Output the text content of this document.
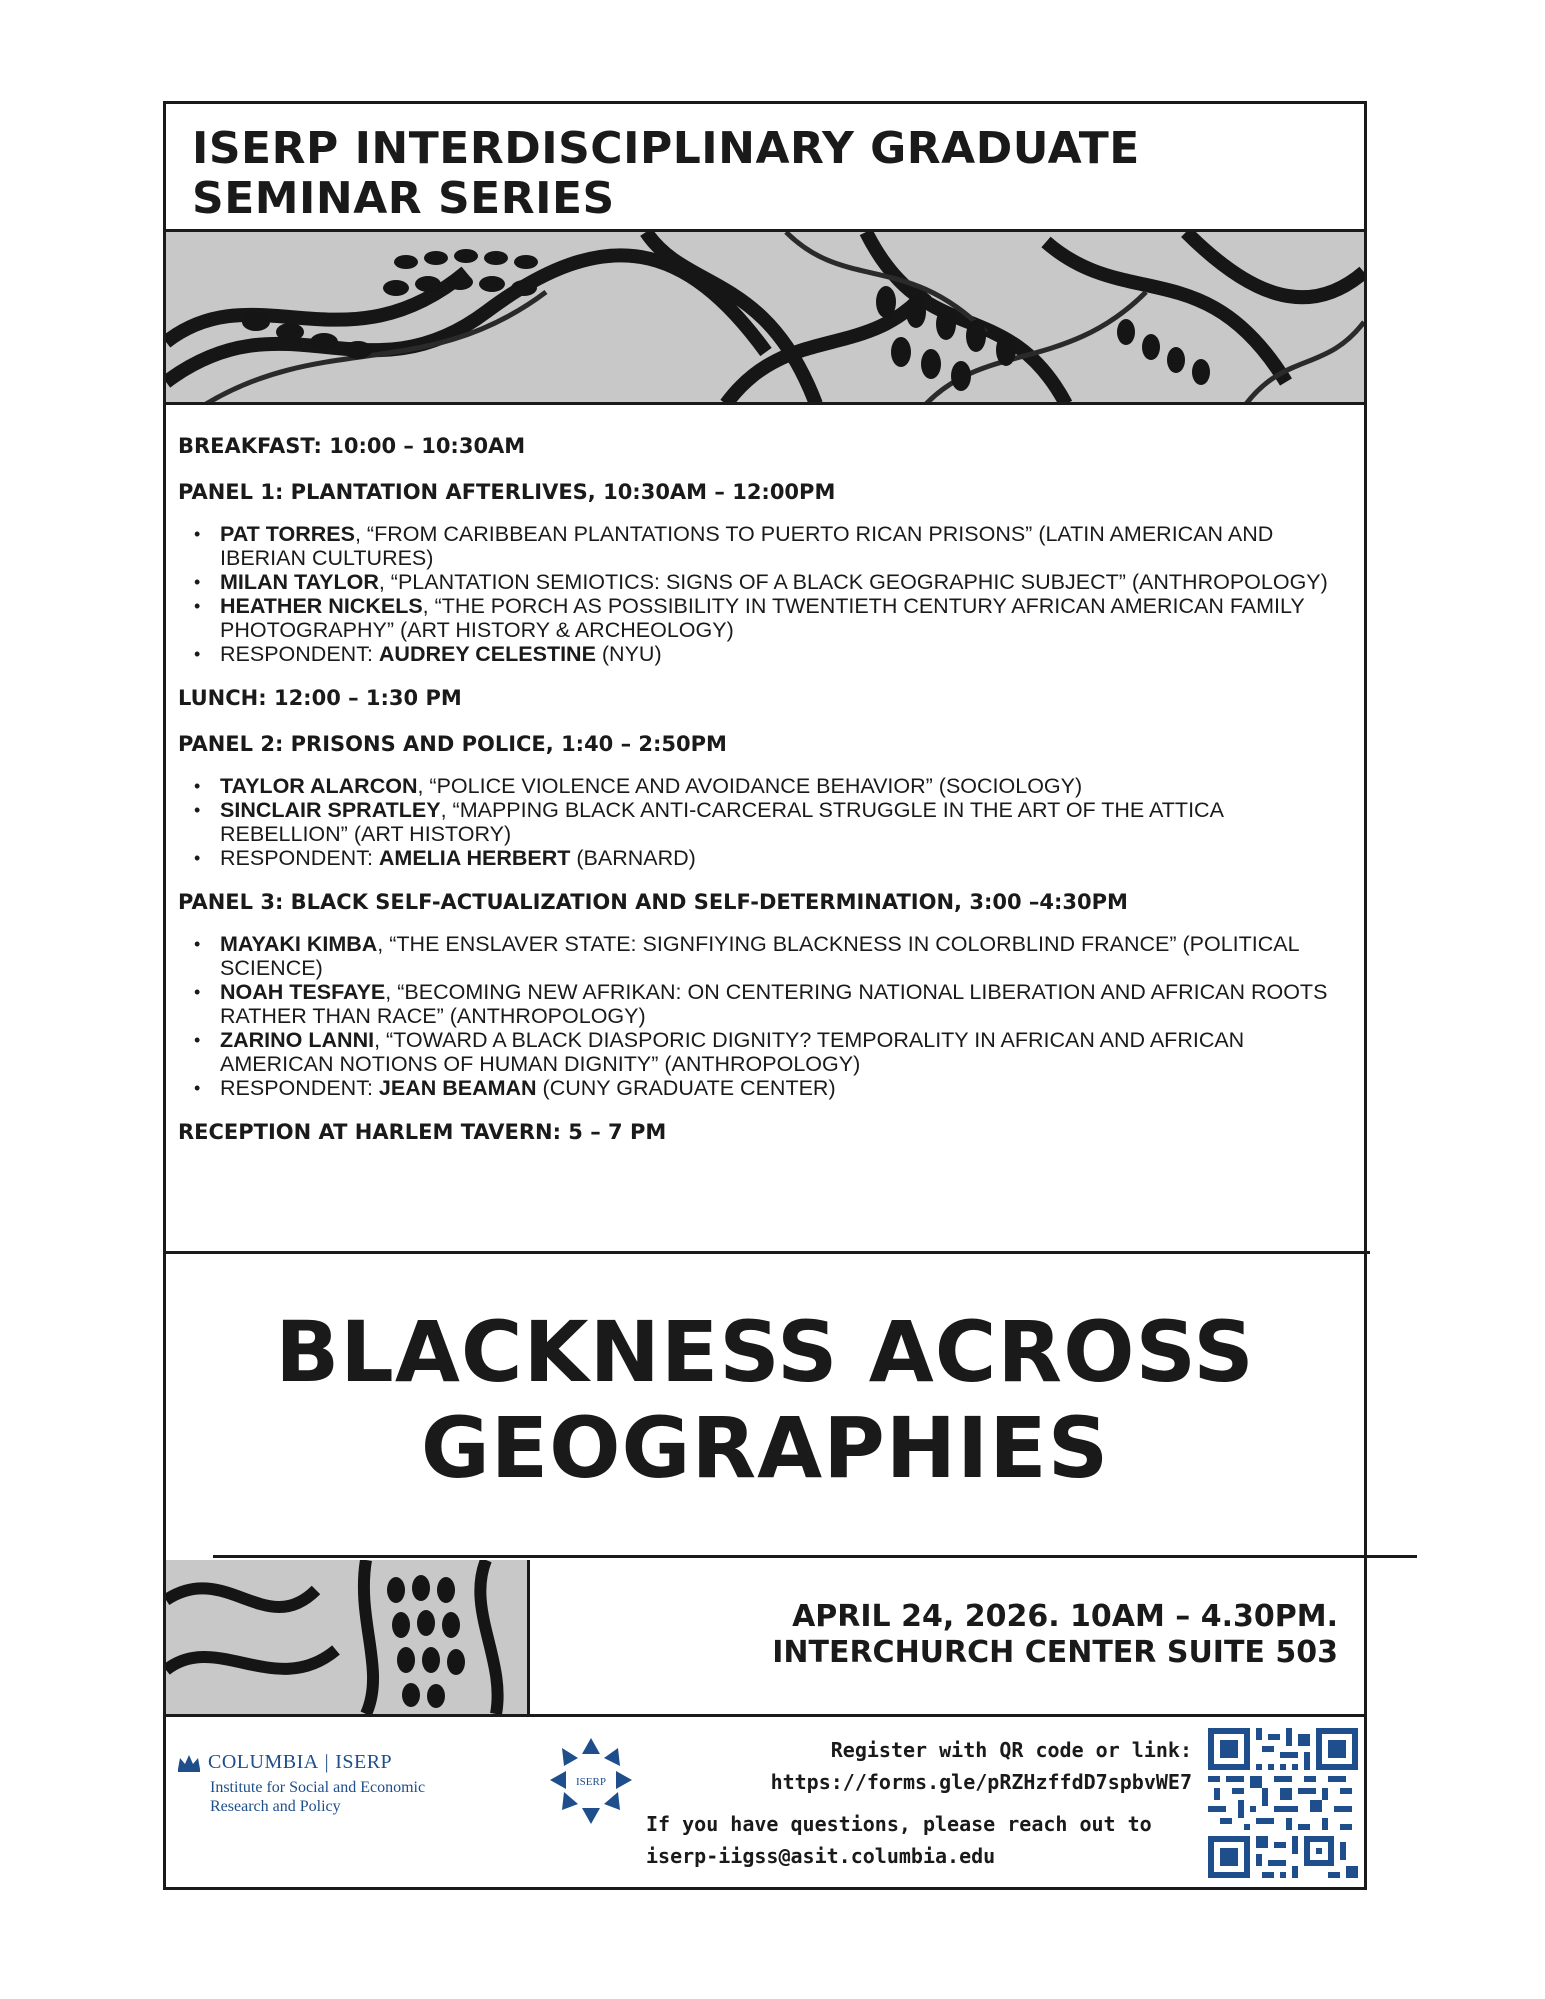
ISERP INTERDISCIPLINARY GRADUATE SEMINAR SERIES
BREAKFAST: 10:00 – 10:30AM
PANEL 1: PLANTATION AFTERLIVES, 10:30AM – 12:00PM
• PAT TORRES, “FROM CARIBBEAN PLANTATIONS TO PUERTO RICAN PRISONS” (LATIN AMERICAN AND IBERIAN CULTURES)
• MILAN TAYLOR, “PLANTATION SEMIOTICS: SIGNS OF A BLACK GEOGRAPHIC SUBJECT” (ANTHROPOLOGY)
• HEATHER NICKELS, “THE PORCH AS POSSIBILITY IN TWENTIETH CENTURY AFRICAN AMERICAN FAMILY PHOTOGRAPHY” (ART HISTORY & ARCHEOLOGY)
• RESPONDENT: AUDREY CELESTINE (NYU)
LUNCH: 12:00 – 1:30 PM
PANEL 2: PRISONS AND POLICE, 1:40 – 2:50PM
• TAYLOR ALARCON, “POLICE VIOLENCE AND AVOIDANCE BEHAVIOR” (SOCIOLOGY)
• SINCLAIR SPRATLEY, “MAPPING BLACK ANTI-CARCERAL STRUGGLE IN THE ART OF THE ATTICA REBELLION” (ART HISTORY)
• RESPONDENT: AMELIA HERBERT (BARNARD)
PANEL 3: BLACK SELF-ACTUALIZATION AND SELF-DETERMINATION, 3:00 –4:30PM
• MAYAKI KIMBA, “THE ENSLAVER STATE: SIGNFIYING BLACKNESS IN COLORBLIND FRANCE” (POLITICAL SCIENCE)
• NOAH TESFAYE, “BECOMING NEW AFRIKAN: ON CENTERING NATIONAL LIBERATION AND AFRICAN ROOTS RATHER THAN RACE” (ANTHROPOLOGY)
• ZARINO LANNI, “TOWARD A BLACK DIASPORIC DIGNITY? TEMPORALITY IN AFRICAN AND AFRICAN AMERICAN NOTIONS OF HUMAN DIGNITY” (ANTHROPOLOGY)
• RESPONDENT: JEAN BEAMAN (CUNY GRADUATE CENTER)
RECEPTION AT HARLEM TAVERN: 5 – 7 PM
BLACKNESS ACROSS
GEOGRAPHIES
APRIL 24, 2026. 10AM – 4.30PM.
INTERCHURCH CENTER SUITE 503
COLUMBIA | ISERP
Institute for Social and Economic
Research and Policy
ISERP
Register with QR code or link:
https://forms.gle/pRZHzffdD7spbvWE7
If you have questions, please reach out to
iserp-iigss@asit.columbia.edu
